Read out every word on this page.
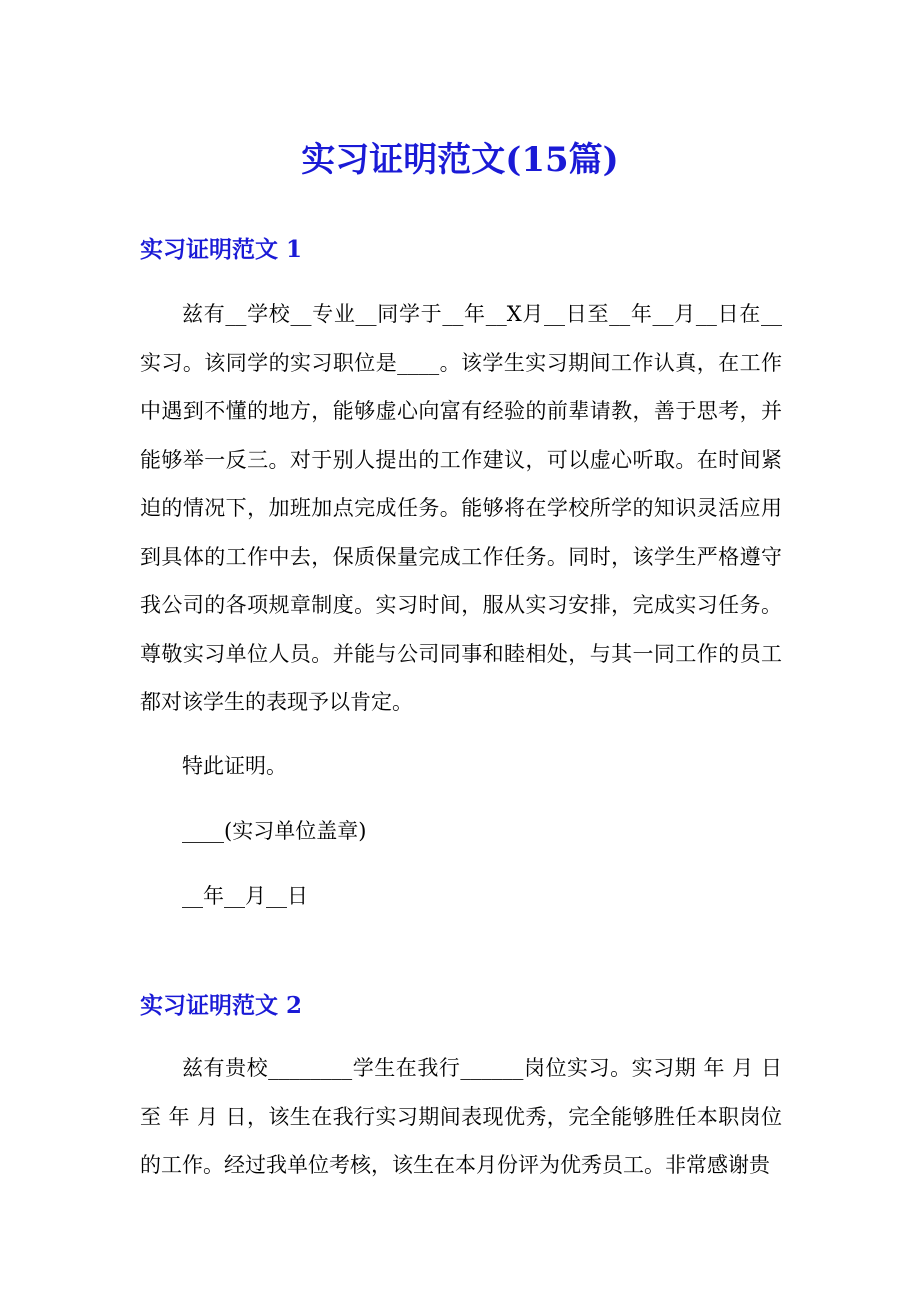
实习证明范文(15篇)
实习证明范文 1

兹有__学校__专业__同学于__年__X月__日至__年__月__日在__实习。该同学的实习职位是____。该学生实习期间工作认真，在工作中遇到不懂的地方，能够虚心向富有经验的前辈请教，善于思考，并能够举一反三。对于别人提出的工作建议，可以虚心听取。在时间紧迫的情况下，加班加点完成任务。能够将在学校所学的知识灵活应用到具体的工作中去，保质保量完成工作任务。同时，该学生严格遵守我公司的各项规章制度。实习时间，服从实习安排，完成实习任务。尊敬实习单位人员。并能与公司同事和睦相处，与其一同工作的员工都对该学生的表现予以肯定。

特此证明。
____(实习单位盖章)
__年__月__日
实习证明范文 2

兹有贵校________学生在我行______岗位实习。实习期 年 月 日至 年 月 日，该生在我行实习期间表现优秀，完全能够胜任本职岗位的工作。经过我单位考核，该生在本月份评为优秀员工。非常感谢贵
